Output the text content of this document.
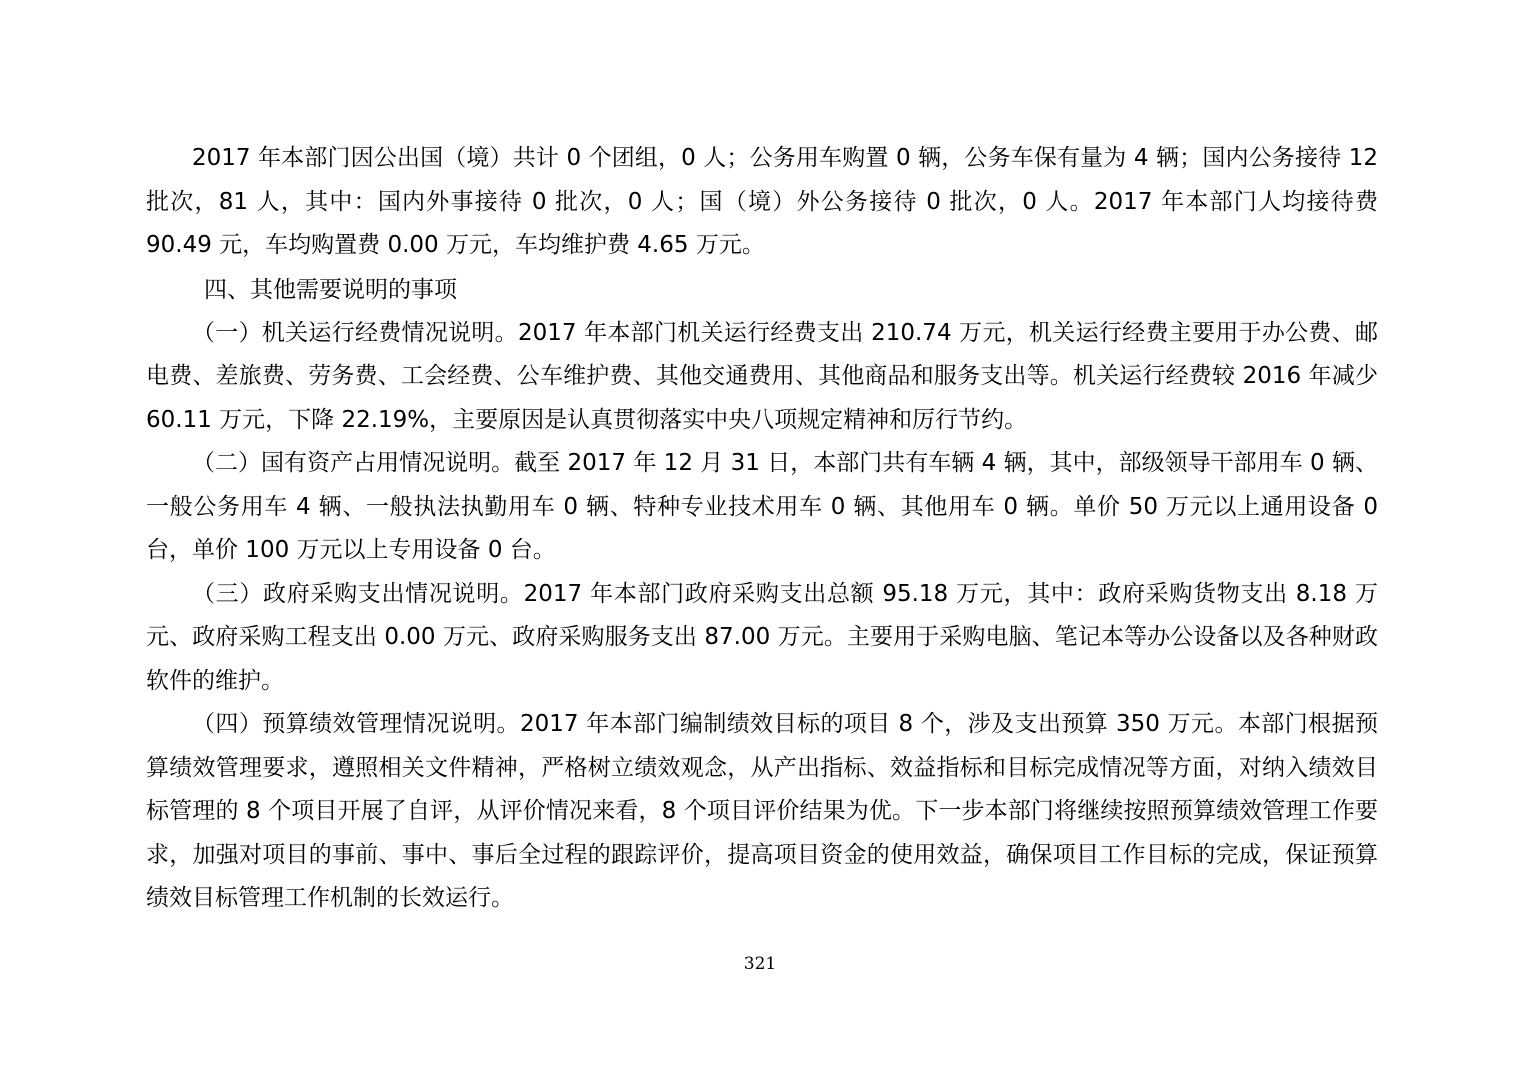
2017 年本部门因公出国（境）共计 0 个团组，0 人；公务用车购置 0 辆，公务车保有量为 4 辆；国内公务接待 12 批次，81 人，其中：国内外事接待 0 批次，0 人；国（境）外公务接待 0 批次，0 人。2017 年本部门人均接待费 90.49 元，车均购置费 0.00 万元，车均维护费 4.65 万元。

四、其他需要说明的事项

（一）机关运行经费情况说明。2017 年本部门机关运行经费支出 210.74 万元，机关运行经费主要用于办公费、邮电费、差旅费、劳务费、工会经费、公车维护费、其他交通费用、其他商品和服务支出等。机关运行经费较 2016 年减少 60.11 万元，下降 22.19%，主要原因是认真贯彻落实中央八项规定精神和厉行节约。

（二）国有资产占用情况说明。截至 2017 年 12 月 31 日，本部门共有车辆 4 辆，其中，部级领导干部用车 0 辆、一般公务用车 4 辆、一般执法执勤用车 0 辆、特种专业技术用车 0 辆、其他用车 0 辆。单价 50 万元以上通用设备 0 台，单价 100 万元以上专用设备 0 台。

（三）政府采购支出情况说明。2017 年本部门政府采购支出总额 95.18 万元，其中：政府采购货物支出 8.18 万元、政府采购工程支出 0.00 万元、政府采购服务支出 87.00 万元。主要用于采购电脑、笔记本等办公设备以及各种财政软件的维护。

（四）预算绩效管理情况说明。2017 年本部门编制绩效目标的项目 8 个，涉及支出预算 350 万元。本部门根据预算绩效管理要求，遵照相关文件精神，严格树立绩效观念，从产出指标、效益指标和目标完成情况等方面，对纳入绩效目标管理的 8 个项目开展了自评，从评价情况来看，8 个项目评价结果为优。下一步本部门将继续按照预算绩效管理工作要求，加强对项目的事前、事中、事后全过程的跟踪评价，提高项目资金的使用效益，确保项目工作目标的完成，保证预算绩效目标管理工作机制的长效运行。

321
